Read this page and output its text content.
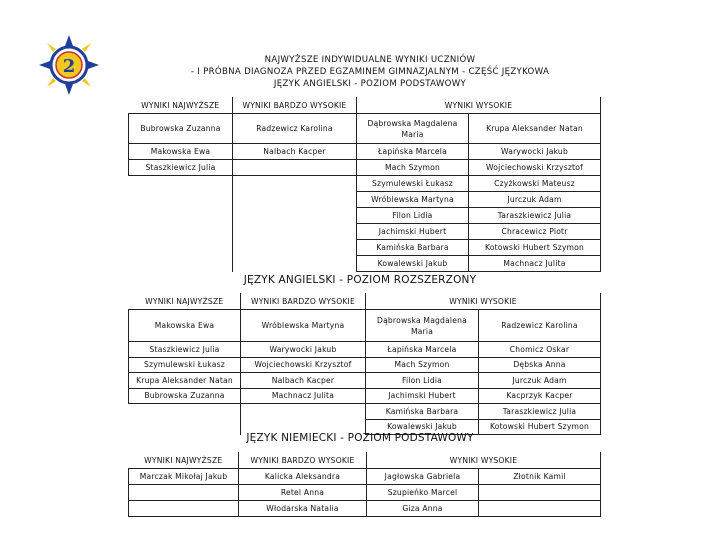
2	NAJWYŻSZE INDYWIDUALNE WYNIKI UCZNIÓW
- I PRÓBNA DIAGNOZA PRZED EGZAMINEM GIMNAZJALNYM - CZĘŚĆ JĘZYKOWA
JĘZYK ANGIELSKI - POZIOM PODSTAWOWY
WYNIKI NAJWYŻSZE	WYNIKI BARDZO WYSOKIE	WYNIKI WYSOKIE	
Bubrowska Zuzanna	Radzewicz Karolina	Dąbrowska Magdalena Maria	Krupa Aleksander Natan
Makowska Ewa	Nalbach Kacper	Łapińska Marcela	Warywocki Jakub
Staszkiewicz Julia		Mach Szymon	Wojciechowski Krzysztof
		Szymulewski Łukasz	Czyżkowski Mateusz
		Wróblewska Martyna	Jurczuk Adam
		Filon Lidia	Taraszkiewicz Julia
		Jachimski Hubert	Chracewicz Piotr
		Kamińska Barbara	Kotowski Hubert Szymon
		Kowalewski Jakub	Machnacz Julita
JĘZYK ANGIELSKI - POZIOM ROZSZERZONY
WYNIKI NAJWYŻSZE	WYNIKI BARDZO WYSOKIE	WYNIKI WYSOKIE	
Makowska Ewa	Wróblewska Martyna	Dąbrowska Magdalena Maria	Radzewicz Karolina
Staszkiewicz Julia	Warywocki Jakub	Łapińska Marcela	Chomicz Oskar
Szymulewski Łukasz	Wojciechowski Krzysztof	Mach Szymon	Dębska Anna
Krupa Aleksander Natan	Nalbach Kacper	Filon Lidia	Jurczuk Adam
Bubrowska Zuzanna	Machnacz Julita	Jachimski Hubert	Kacprzyk Kacper
		Kamińska Barbara	Taraszkiewicz Julia
		Kowalewski Jakub	Kotowski Hubert Szymon
JĘZYK NIEMIECKI - POZIOM PODSTAWOWY
WYNIKI NAJWYŻSZE	WYNIKI BARDZO WYSOKIE	WYNIKI WYSOKIE	
Marczak Mikołaj Jakub	Kalicka Aleksandra	Jagłowska Gabriela	Złotnik Kamil
	Retel Anna	Szupieńko Marcel	
	Włodarska Natalia	Giza Anna	
